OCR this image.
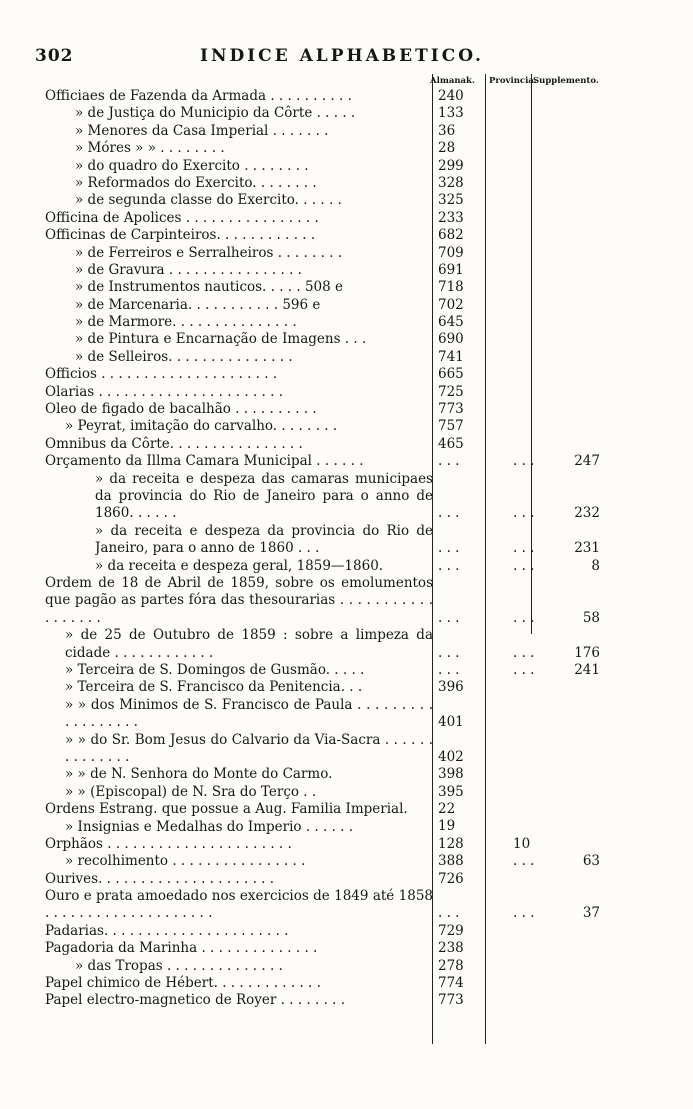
302	INDICE ALPHABETICO.
Almanak. Provincia.
Supplemento.
Officiaes de Fazenda da Armada . . . . . . . . . .	240
» de Justiça do Municipio da Côrte . . . . .	133
» Menores da Casa Imperial . . . . . . .	36
» Móres » » . . . . . . . .	28
» do quadro do Exercito . . . . . . . .	299
» Reformados do Exercito. . . . . . . .	328
» de segunda classe do Exercito. . . . . .	325
Officina de Apolices . . . . . . . . . . . . . . . .	233
Officinas de Carpinteiros. . . . . . . . . . . .	682
» de Ferreiros e Serralheiros . . . . . . . .	709
» de Gravura . . . . . . . . . . . . . . . .	691
» de Instrumentos nauticos. . . . . 508 e	718
» de Marcenaria. . . . . . . . . . . 596 e	702
» de Marmore. . . . . . . . . . . . . . .	645
» de Pintura e Encarnação de Imagens . . .	690
» de Selleiros. . . . . . . . . . . . . . .	741
Officios . . . . . . . . . . . . . . . . . . . . .	665
Olarias . . . . . . . . . . . . . . . . . . . . . .	725
Oleo de figado de bacalhão . . . . . . . . . .	773
» Peyrat, imitação do carvalho. . . . . . . .	757
Omnibus da Côrte. . . . . . . . . . . . . . . .	465
Orçamento da Illma Camara Municipal . . . . . .	. . .	. . .	247
» da receita e despeza das camaras municipaes da provincia do Rio de Janeiro para o anno de 1860. . . . . .	. . .	. . .	232
» da receita e despeza da provincia do Rio de Janeiro, para o anno de 1860 . . .	. . .	. . .	231
» da receita e despeza geral, 1859—1860.	. . .	. . .	8
Ordem de 18 de Abril de 1859, sobre os emolumentos que pagão as partes fóra das thesourarias . . . . . . . . . . . . . . . . . .	. . .	. . .	58
» de 25 de Outubro de 1859 : sobre a limpeza da cidade . . . . . . . . . . . .	. . .	. . .	176
» Terceira de S. Domingos de Gusmão. . . . .	. . .	. . .	241
» Terceira de S. Francisco da Penitencia. . .	396
» » dos Minimos de S. Francisco de Paula . . . . . . . . . . . . . . . . . .	401
» » do Sr. Bom Jesus do Calvario da Via-Sacra . . . . . . . . . . . . . .	402
» » de N. Senhora do Monte do Carmo.	398
» » (Episcopal) de N. Sra do Terço . .	395
Ordens Estrang. que possue a Aug. Familia Imperial.	22
» Insignias e Medalhas do Imperio . . . . . .	19
Orphãos . . . . . . . . . . . . . . . . . . . . . .	128	10
» recolhimento . . . . . . . . . . . . . . . .	388	. . .	63
Ourives. . . . . . . . . . . . . . . . . . . . .	726
Ouro e prata amoedado nos exercicios de 1849 até 1858 . . . . . . . . . . . . . . . . . . . .	. . .	. . .	37
Padarias. . . . . . . . . . . . . . . . . . . . . .	729
Pagadoria da Marinha . . . . . . . . . . . . . .	238
» das Tropas . . . . . . . . . . . . . .	278
Papel chimico de Hébert. . . . . . . . . . . . .	774
Papel electro-magnetico de Royer . . . . . . . .	773
